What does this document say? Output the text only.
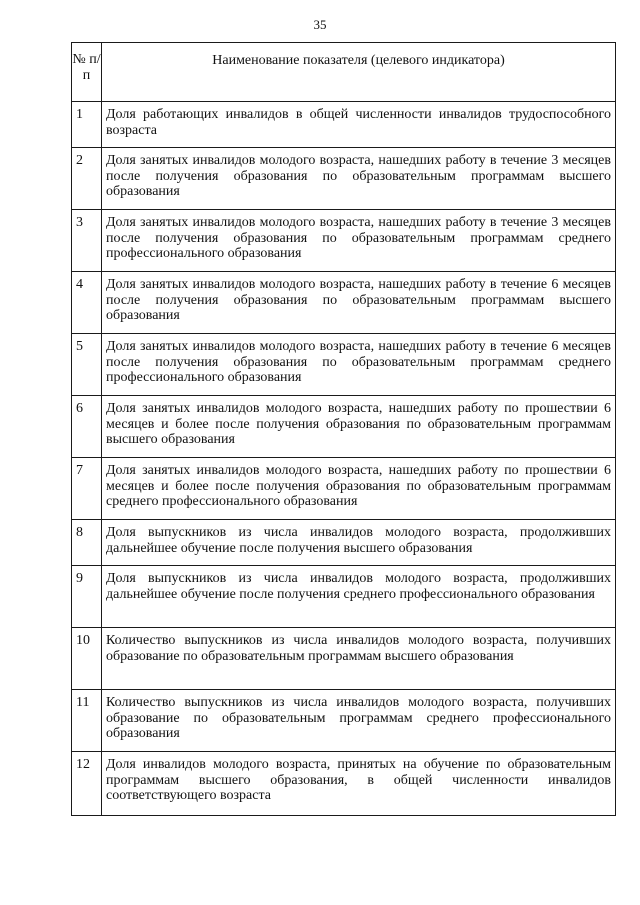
35
№ п/п	Наименование показателя (целевого индикатора)
1	Доля работающих инвалидов в общей численности инвалидов трудоспособного возраста
2	Доля занятых инвалидов молодого возраста, нашедших работу в течение 3 месяцев после получения образования по образовательным программам высшего образования
3	Доля занятых инвалидов молодого возраста, нашедших работу в течение 3 месяцев после получения образования по образовательным программам среднего профессионального образования
4	Доля занятых инвалидов молодого возраста, нашедших работу в течение 6 месяцев после получения образования по образовательным программам высшего образования
5	Доля занятых инвалидов молодого возраста, нашедших работу в течение 6 месяцев после получения образования по образовательным программам среднего профессионального образования
6	Доля занятых инвалидов молодого возраста, нашедших работу по прошествии 6 месяцев и более после получения образования по образовательным программам высшего образования
7	Доля занятых инвалидов молодого возраста, нашедших работу по прошествии 6 месяцев и более после получения образования по образовательным программам среднего профессионального образования
8	Доля выпускников из числа инвалидов молодого возраста, продолживших дальнейшее обучение после получения высшего образования
9	Доля выпускников из числа инвалидов молодого возраста, продолживших дальнейшее обучение после получения среднего профессионального образования
10	Количество выпускников из числа инвалидов молодого возраста, получивших образование по образовательным программам высшего образования
11	Количество выпускников из числа инвалидов молодого возраста, получивших образование по образовательным программам среднего профессионального образования
12	Доля инвалидов молодого возраста, принятых на обучение по образовательным программам высшего образования, в общей численности инвалидов соответствующего возраста
